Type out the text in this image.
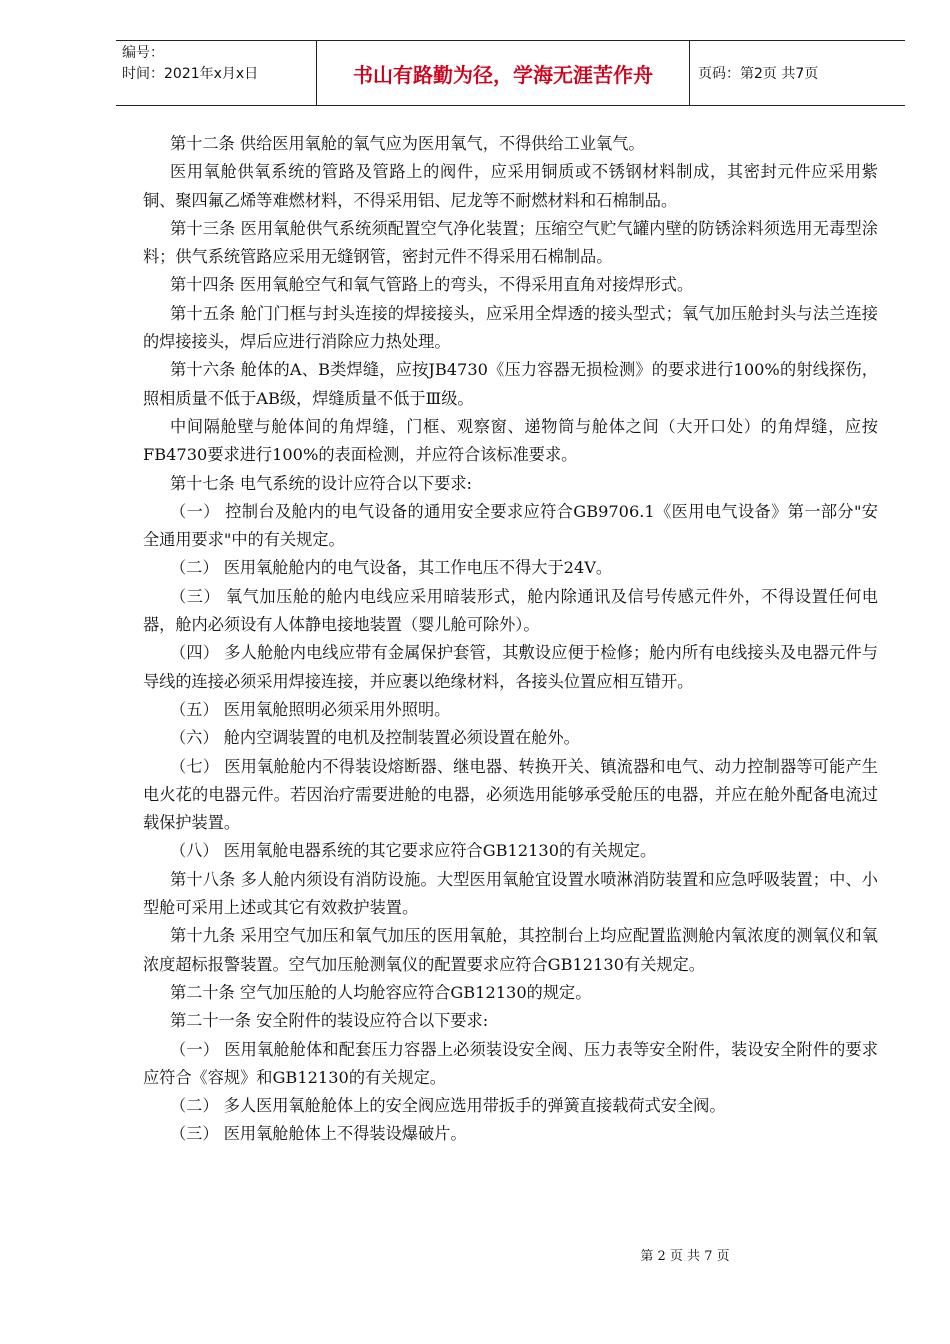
编号：
时间：2021年x月x日	书山有路勤为径，学海无涯苦作舟	页码：第2页 共7页

第十二条 供给医用氧舱的氧气应为医用氧气，不得供给工业氧气。

医用氧舱供氧系统的管路及管路上的阀件，应采用铜质或不锈钢材料制成，其密封元件应采用紫铜、聚四氟乙烯等难燃材料，不得采用铝、尼龙等不耐燃材料和石棉制品。

第十三条 医用氧舱供气系统须配置空气净化装置；压缩空气贮气罐内壁的防锈涂料须选用无毒型涂料；供气系统管路应采用无缝钢管，密封元件不得采用石棉制品。

第十四条 医用氧舱空气和氧气管路上的弯头，不得采用直角对接焊形式。

第十五条 舱门门框与封头连接的焊接接头，应采用全焊透的接头型式；氧气加压舱封头与法兰连接的焊接接头，焊后应进行消除应力热处理。

第十六条 舱体的A、B类焊缝，应按JB4730《压力容器无损检测》的要求进行100%的射线探伤，照相质量不低于AB级，焊缝质量不低于Ⅲ级。

中间隔舱壁与舱体间的角焊缝，门框、观察窗、递物筒与舱体之间（大开口处）的角焊缝，应按FB4730要求进行100%的表面检测，并应符合该标准要求。

第十七条 电气系统的设计应符合以下要求:

（一） 控制台及舱内的电气设备的通用安全要求应符合GB9706.1《医用电气设备》第一部分"安全通用要求"中的有关规定。

（二） 医用氧舱舱内的电气设备，其工作电压不得大于24V。

（三） 氧气加压舱的舱内电线应采用暗装形式，舱内除通讯及信号传感元件外，不得设置任何电器，舱内必须设有人体静电接地装置（婴儿舱可除外）。

（四） 多人舱舱内电线应带有金属保护套管，其敷设应便于检修；舱内所有电线接头及电器元件与导线的连接必须采用焊接连接，并应裹以绝缘材料，各接头位置应相互错开。

（五） 医用氧舱照明必须采用外照明。

（六） 舱内空调装置的电机及控制装置必须设置在舱外。

（七） 医用氧舱舱内不得装设熔断器、继电器、转换开关、镇流器和电气、动力控制器等可能产生电火花的电器元件。若因治疗需要进舱的电器，必须选用能够承受舱压的电器，并应在舱外配备电流过载保护装置。

（八） 医用氧舱电器系统的其它要求应符合GB12130的有关规定。

第十八条 多人舱内须设有消防设施。大型医用氧舱宜设置水喷淋消防装置和应急呼吸装置；中、小型舱可采用上述或其它有效救护装置。

第十九条 采用空气加压和氧气加压的医用氧舱，其控制台上均应配置监测舱内氧浓度的测氧仪和氧浓度超标报警装置。空气加压舱测氧仪的配置要求应符合GB12130有关规定。

第二十条 空气加压舱的人均舱容应符合GB12130的规定。

第二十一条 安全附件的装设应符合以下要求:

（一） 医用氧舱舱体和配套压力容器上必须装设安全阀、压力表等安全附件，装设安全附件的要求应符合《容规》和GB12130的有关规定。

（二） 多人医用氧舱舱体上的安全阀应选用带扳手的弹簧直接载荷式安全阀。

（三） 医用氧舱舱体上不得装设爆破片。

第 2 页 共 7 页
